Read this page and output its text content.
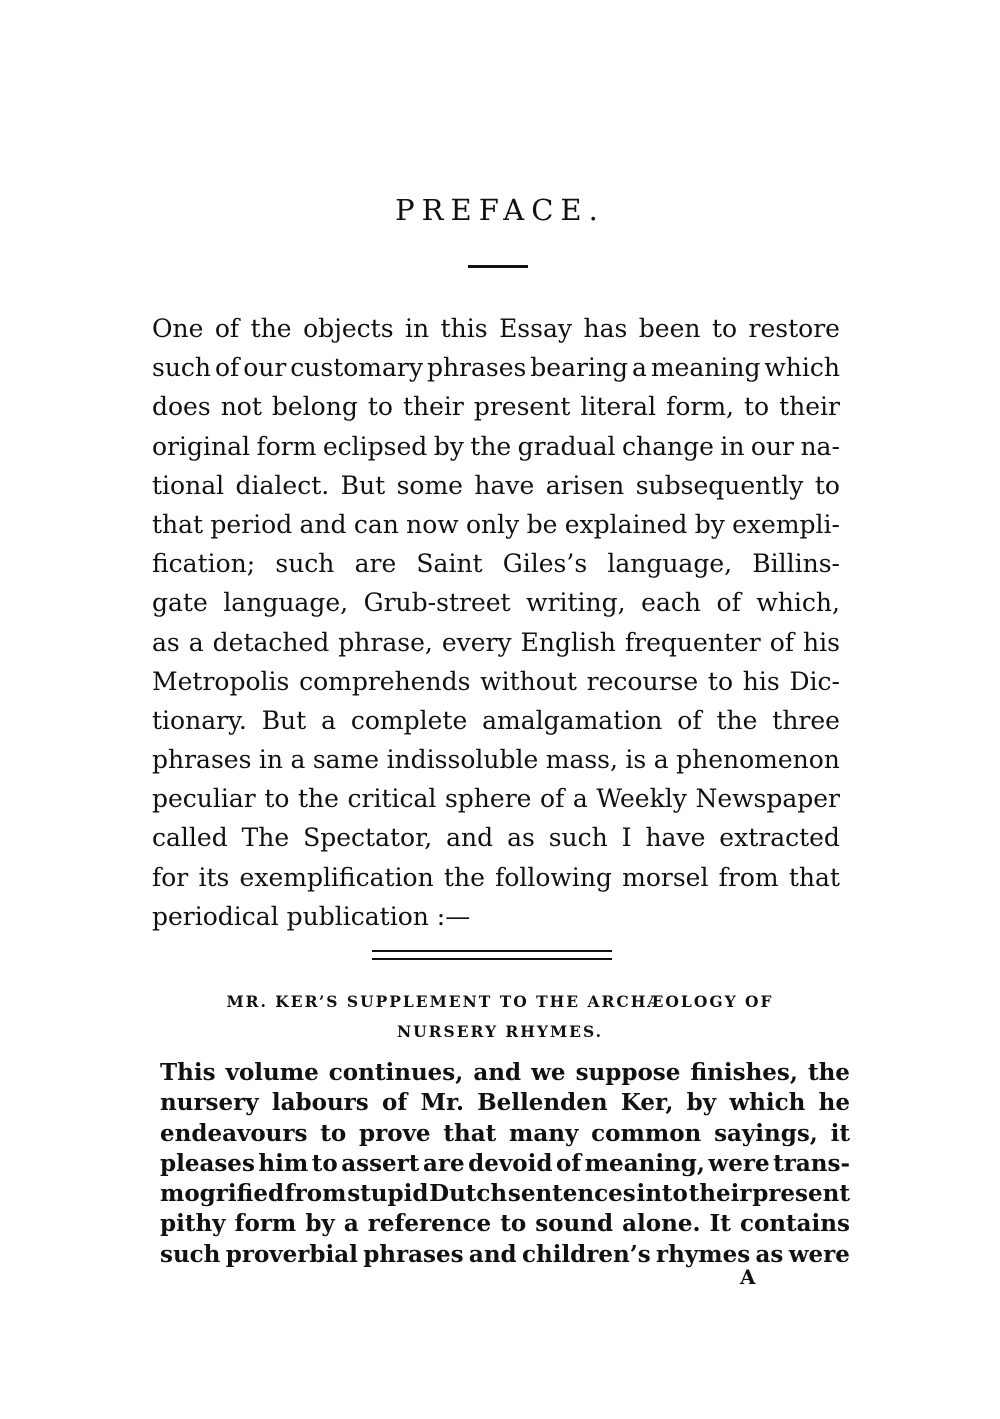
PREFACE.
One of the objects in this Essay has been to restore
such of our customary phrases bearing a meaning which
does not belong to their present literal form, to their
original form eclipsed by the gradual change in our na-
tional dialect. But some have arisen subsequently to
that period and can now only be explained by exempli-
fication; such are Saint Giles’s language, Billins-
gate language, Grub-street writing, each of which,
as a detached phrase, every English frequenter of his
Metropolis comprehends without recourse to his Dic-
tionary. But a complete amalgamation of the three
phrases in a same indissoluble mass, is a phenomenon
peculiar to the critical sphere of a Weekly Newspaper
called The Spectator, and as such I have extracted
for its exemplification the following morsel from that
periodical publication :—
MR. KER’S SUPPLEMENT TO THE ARCHÆOLOGY OF
NURSERY RHYMES.
This volume continues, and we suppose finishes, the
nursery labours of Mr. Bellenden Ker, by which he
endeavours to prove that many common sayings, it
pleases him to assert are devoid of meaning, were trans-
mogrified from stupid Dutch sentences into their present
pithy form by a reference to sound alone. It contains
such proverbial phrases and children’s rhymes as were
A
